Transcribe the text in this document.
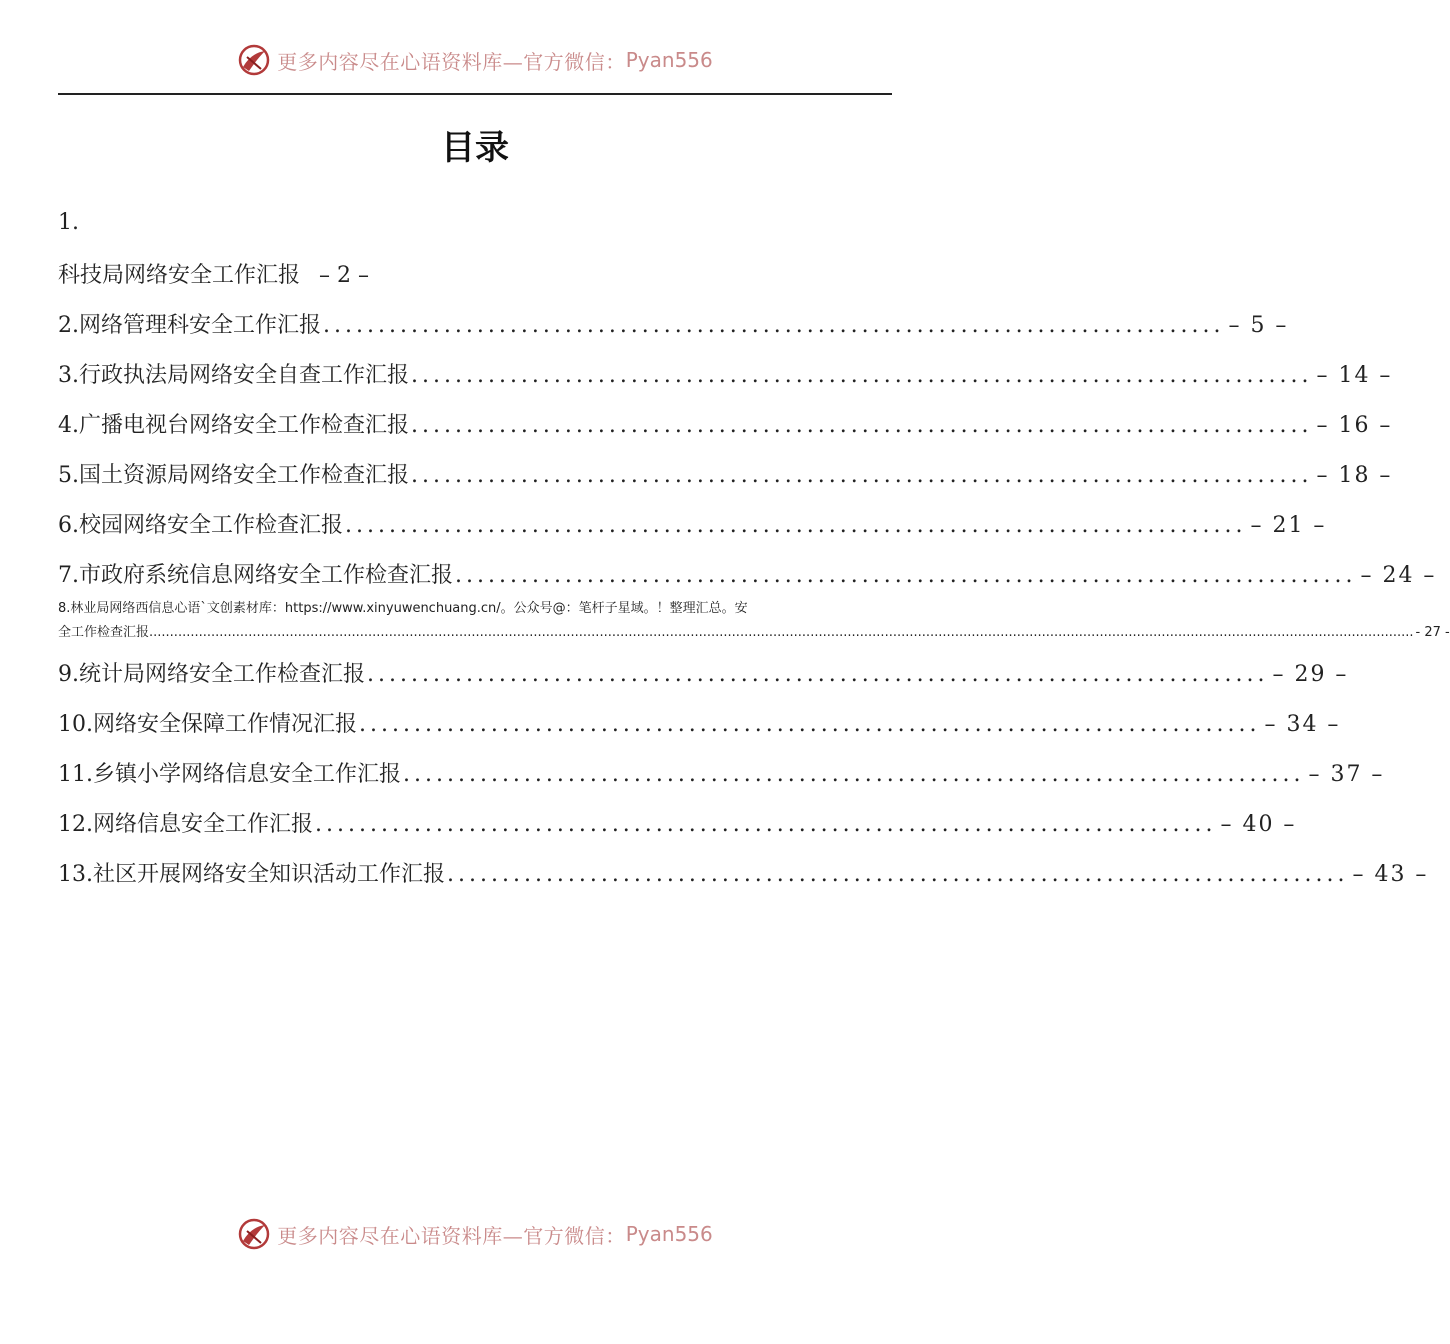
更多内容尽在心语资料库—官方微信： Pyan556
目录
1.
科技局网络安全工作汇报 – 2 –
2.网络管理科安全工作汇报 .................................................................................. – 5 –
3.行政执法局网络安全自查工作汇报 .................................................................................. – 14 –
4.广播电视台网络安全工作检查汇报 .................................................................................. – 16 –
5.国土资源局网络安全工作检查汇报 .................................................................................. – 18 –
6.校园网络安全工作检查汇报 .................................................................................. – 21 –
7.市政府系统信息网络安全工作检查汇报 .................................................................................. – 24 –
8.林业局网络西信息心语`文创素材库：https://www.xinyuwenchuang.cn/。公众号@：笔杆子星域。！整理汇总。安
全工作检查汇报 .................................................................................................................................................................................................................................................................................................................. - 27 -
9.统计局网络安全工作检查汇报 .................................................................................. – 29 –
10.网络安全保障工作情况汇报 .................................................................................. – 34 –
11.乡镇小学网络信息安全工作汇报 .................................................................................. – 37 –
12.网络信息安全工作汇报 .................................................................................. – 40 –
13.社区开展网络安全知识活动工作汇报 .................................................................................. – 43 –
更多内容尽在心语资料库—官方微信： Pyan556
